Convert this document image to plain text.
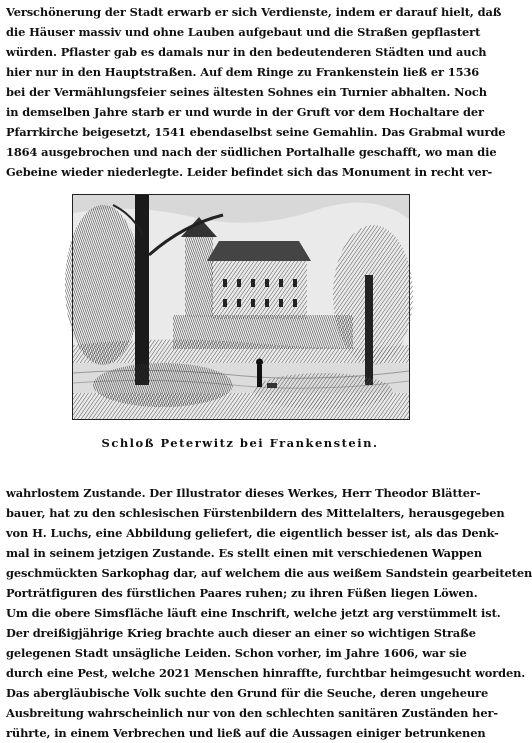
Verschönerung der Stadt erwarb er sich Verdienste, indem er darauf hielt, daß
die Häuser massiv und ohne Lauben aufgebaut und die Straßen gepflastert
würden. Pflaster gab es damals nur in den bedeutenderen Städten und auch
hier nur in den Hauptstraßen. Auf dem Ringe zu Frankenstein ließ er 1536
bei der Vermählungsfeier seines ältesten Sohnes ein Turnier abhalten. Noch
in demselben Jahre starb er und wurde in der Gruft vor dem Hochaltare der
Pfarrkirche beigesetzt, 1541 ebendaselbst seine Gemahlin. Das Grabmal wurde
1864 ausgebrochen und nach der südlichen Portalhalle geschafft, wo man die
Gebeine wieder niederlegte. Leider befindet sich das Monument in recht ver-
Schloß Peterwitz bei Frankenstein.
wahrlostem Zustande. Der Illustrator dieses Werkes, Herr Theodor Blätter-
bauer, hat zu den schlesischen Fürstenbildern des Mittelalters, herausgegeben
von H. Luchs, eine Abbildung geliefert, die eigentlich besser ist, als das Denk-
mal in seinem jetzigen Zustande. Es stellt einen mit verschiedenen Wappen
geschmückten Sarkophag dar, auf welchem die aus weißem Sandstein gearbeiteten
Porträtfiguren des fürstlichen Paares ruhen; zu ihren Füßen liegen Löwen.
Um die obere Simsfläche läuft eine Inschrift, welche jetzt arg verstümmelt ist.
Der dreißigjährige Krieg brachte auch dieser an einer so wichtigen Straße
gelegenen Stadt unsägliche Leiden. Schon vorher, im Jahre 1606, war sie
durch eine Pest, welche 2021 Menschen hinraffte, furchtbar heimgesucht worden.
Das abergläubische Volk suchte den Grund für die Seuche, deren ungeheure
Ausbreitung wahrscheinlich nur von den schlechten sanitären Zuständen her-
rührte, in einem Verbrechen und ließ auf die Aussagen einiger betrunkenen
